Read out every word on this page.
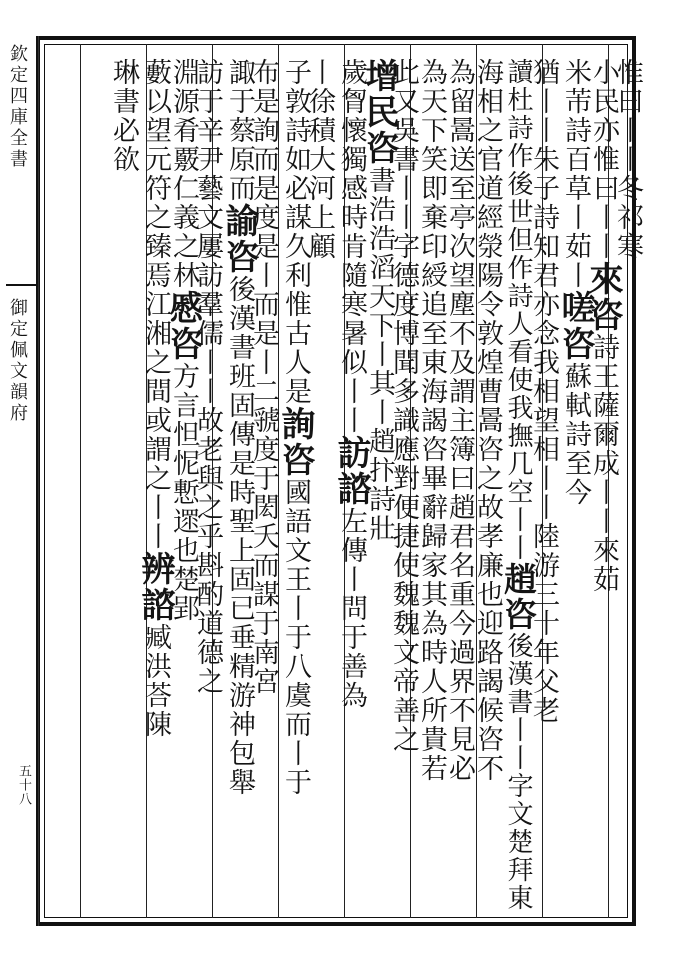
欽定四庫全書
御定佩文韻府
五十八
惟曰丨丨冬祁寒
小民亦惟曰丨丨來咨詩王薩爾成丨丨來茹
米芾詩百草丨茹丨嗟咨蘇軾詩至今
猶丨丨朱子詩知君亦念我相望相丨丨陸游三十年父老
讀杜詩作後世但作詩人看使我撫几空丨丨趙咨後漢書丨丨字文楚拜東
海相之官道經滎陽令敦煌曹暠咨之故孝廉也迎路謁候咨不
為留暠送至亭次望塵不及謂主簿曰趙君名重今過界不見必
為天下笑即棄印綬追至東海謁咨畢辭歸家其為時人所貴若
此又吳書丨丨字德度博聞多識應對便捷使魏魏文帝善之
增民咨書浩浩滔天下丨其丨趙抃詩壯
歲胷懷獨感時肯隨寒暑似丨丨訪諮左傳丨問于善為
丨徐積大河上顧
子敦詩如必謀久利惟古人是詢咨國語文王丨于八虞而丨于
布是詢而是度是丨而是丨二虢度于閎夭而謀于南宮
諏于蔡原而諭咨後漢書班固傳是時聖上固已垂精游神包舉
訪于辛尹藝文屢訪羣儒丨丨故老與之乎斟酌道德之
淵源肴覈仁義之林慼咨方言怛怩慙遝也楚郢
藪以望元符之臻焉江湘之間或謂之丨丨辨諮臧洪荅陳
琳書必欲
